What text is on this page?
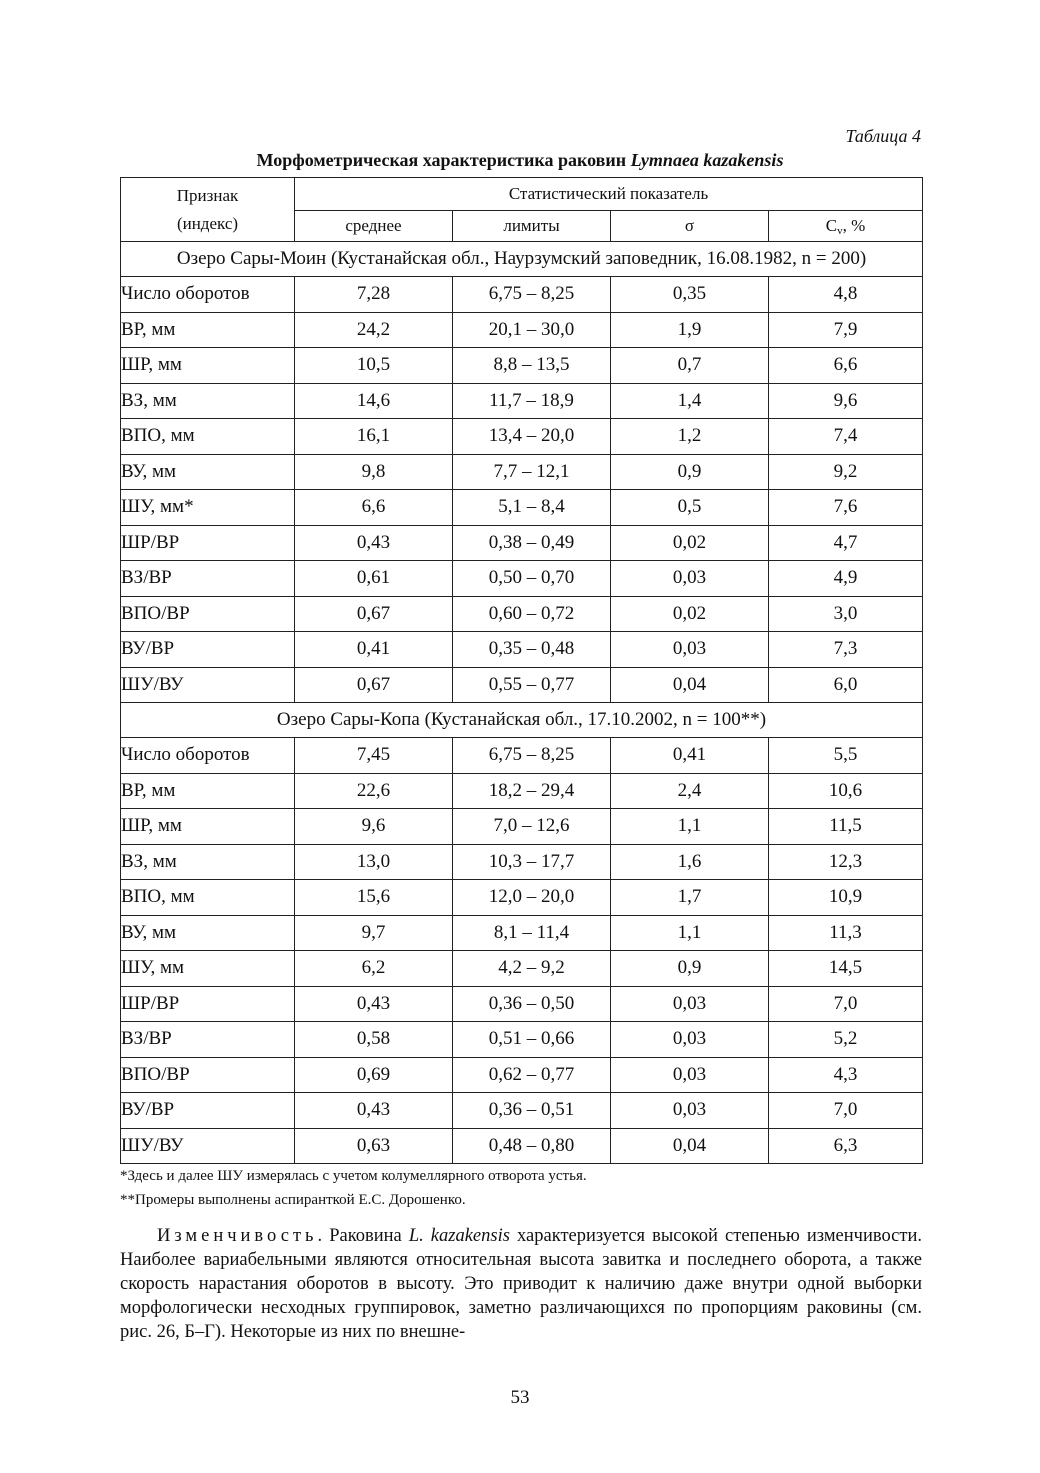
Таблица 4
Морфометрическая характеристика раковин Lymnaea kazakensis
Признак
(индекс)	Статистический показатель			
	среднее	лимиты	σ	$C_v$, %
Озеро Сары-Моин (Кустанайская обл., Наурзумский заповедник, 16.08.1982, n = 200)				
Число оборотов	7,28	6,75 – 8,25	0,35	4,8
ВР, мм	24,2	20,1 – 30,0	1,9	7,9
ШР, мм	10,5	8,8 – 13,5	0,7	6,6
ВЗ, мм	14,6	11,7 – 18,9	1,4	9,6
ВПО, мм	16,1	13,4 – 20,0	1,2	7,4
ВУ, мм	9,8	7,7 – 12,1	0,9	9,2
ШУ, мм*	6,6	5,1 – 8,4	0,5	7,6
ШР/ВР	0,43	0,38 – 0,49	0,02	4,7
ВЗ/ВР	0,61	0,50 – 0,70	0,03	4,9
ВПО/ВР	0,67	0,60 – 0,72	0,02	3,0
ВУ/ВР	0,41	0,35 – 0,48	0,03	7,3
ШУ/ВУ	0,67	0,55 – 0,77	0,04	6,0
Озеро Сары-Копа (Кустанайская обл., 17.10.2002, n = 100**)				
Число оборотов	7,45	6,75 – 8,25	0,41	5,5
ВР, мм	22,6	18,2 – 29,4	2,4	10,6
ШР, мм	9,6	7,0 – 12,6	1,1	11,5
ВЗ, мм	13,0	10,3 – 17,7	1,6	12,3
ВПО, мм	15,6	12,0 – 20,0	1,7	10,9
ВУ, мм	9,7	8,1 – 11,4	1,1	11,3
ШУ, мм	6,2	4,2 – 9,2	0,9	14,5
ШР/ВР	0,43	0,36 – 0,50	0,03	7,0
ВЗ/ВР	0,58	0,51 – 0,66	0,03	5,2
ВПО/ВР	0,69	0,62 – 0,77	0,03	4,3
ВУ/ВР	0,43	0,36 – 0,51	0,03	7,0
ШУ/ВУ	0,63	0,48 – 0,80	0,04	6,3
*Здесь и далее ШУ измерялась с учетом колумеллярного отворота устья.
**Промеры выполнены аспиранткой Е.С. Дорошенко.
  Изменчивость. Раковина L. kazakensis характеризуется высокой степенью изменчивости. Наиболее вариабельными являются относительная высота завитка и последнего оборота, а также скорость нарастания оборотов в высоту. Это приводит к наличию даже внутри одной выборки морфологически несходных группировок, заметно различающихся по пропорциям раковины (см. рис. 26, Б–Г). Некоторые из них по внешне-
53
